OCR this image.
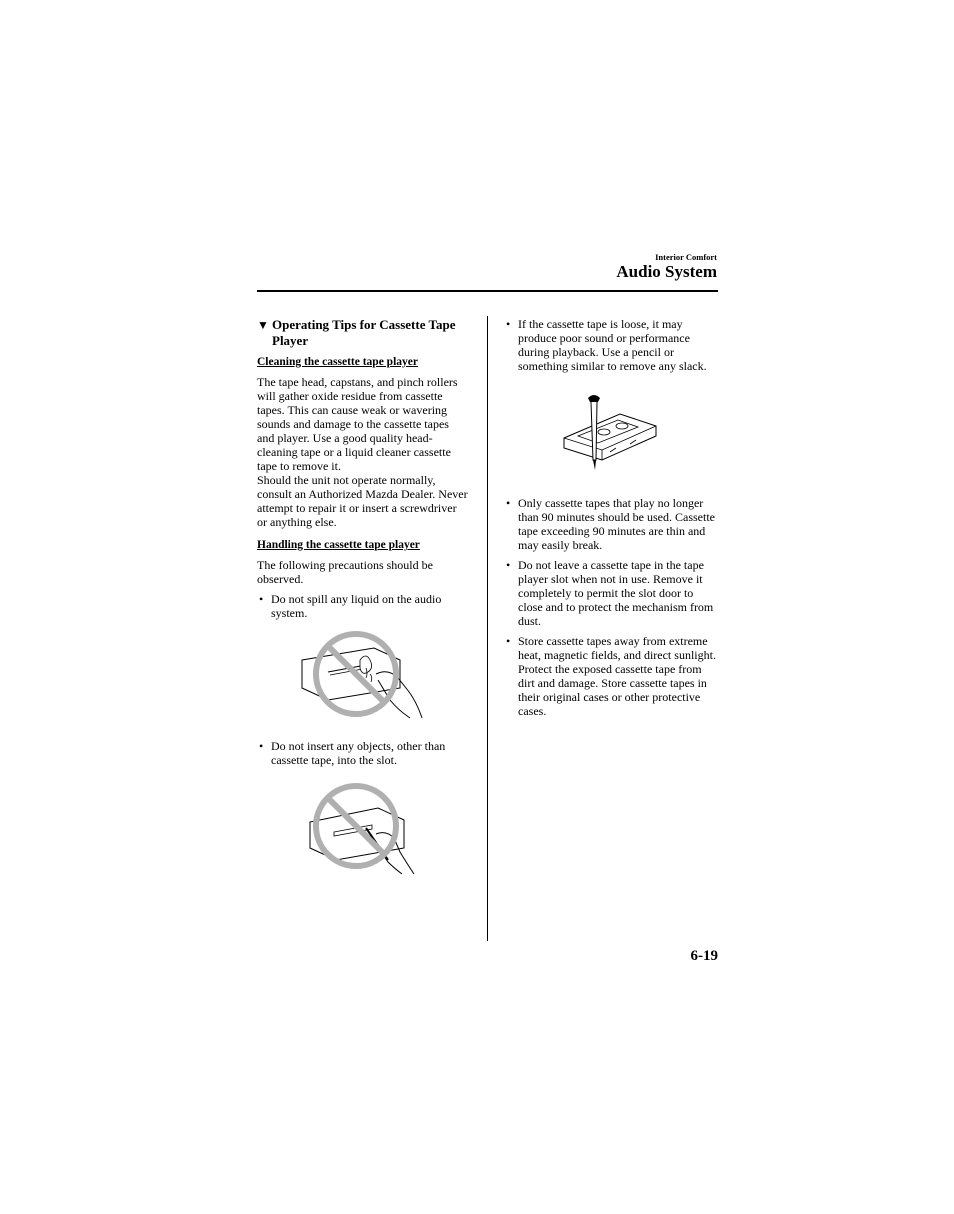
Interior Comfort
Audio System
▼ Operating Tips for Cassette Tape Player

Cleaning the cassette tape player

The tape head, capstans, and pinch rollers will gather oxide residue from cassette tapes. This can cause weak or wavering sounds and damage to the cassette tapes and player. Use a good quality head-cleaning tape or a liquid cleaner cassette tape to remove it.

Should the unit not operate normally, consult an Authorized Mazda Dealer. Never attempt to repair it or insert a screwdriver or anything else.

Handling the cassette tape player

The following precautions should be observed.

• Do not spill any liquid on the audio system.
• Do not insert any objects, other than cassette tape, into the slot.
• If the cassette tape is loose, it may produce poor sound or performance during playback. Use a pencil or something similar to remove any slack.
• Only cassette tapes that play no longer than 90 minutes should be used. Cassette tape exceeding 90 minutes are thin and may easily break.
• Do not leave a cassette tape in the tape player slot when not in use. Remove it completely to permit the slot door to close and to protect the mechanism from dust.
• Store cassette tapes away from extreme heat, magnetic fields, and direct sunlight. Protect the exposed cassette tape from dirt and damage. Store cassette tapes in their original cases or other protective cases.
6-19
